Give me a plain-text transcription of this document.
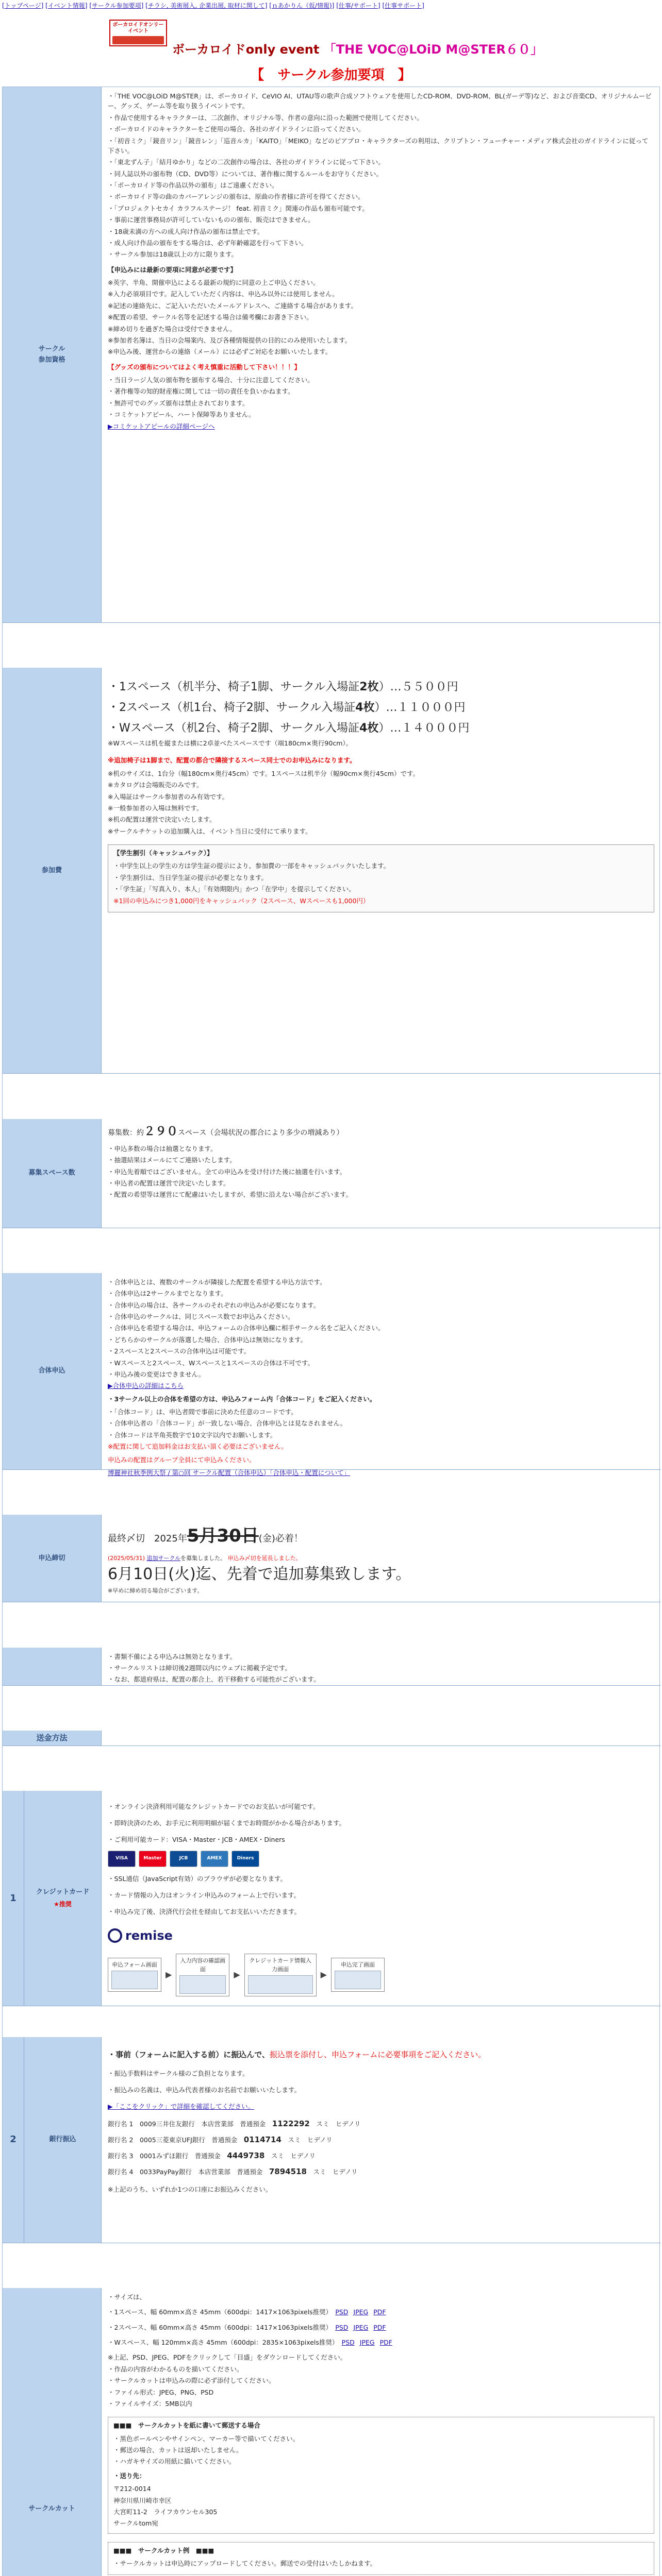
[トップページ] [イベント情報] [サークル参加要項] [チラシ, 美術展入, 企業出展, 取材に関して] [ｎあかりん（仮/情報)] [仕事/サポート] [仕事サポート]
ボーカロイドオンリー イベント
ボーカロイドonly event 「THE VOC@LOiD M@STER６０」
【　サークル参加要項　】
サークル
参加資格

・「THE VOC@LOiD M@STER」は、ボーカロイド、CeVIO AI、UTAU等の歌声合成ソフトウェアを使用したCD-ROM、DVD-ROM、BL(ガーデ等)など、および音楽CD、オリジナルムービー、グッズ、ゲーム等を取り扱うイベントです。

・作品で使用するキャラクターは、二次創作、オリジナル等、作者の意向に沿った範囲で使用してください。

・ボーカロイドのキャラクターをご使用の場合、各社のガイドラインに沿ってください。

・「初音ミク」「鏡音リン」「鏡音レン」「巡音ルカ」「KAITO」「MEIKO」などのピアプロ・キャラクターズの利用は、クリプトン・フューチャー・メディア株式会社のガイドラインに従って下さい。

・「東北ずん子」「結月ゆかり」などの二次創作の場合は、各社のガイドラインに従って下さい。

・同人誌以外の頒布物（CD、DVD等）については、著作権に関するルールをお守りください。

・「ボーカロイド等の作品以外の頒布」はご遠慮ください。

・ボーカロイド等の曲のカバーアレンジの頒布は、原曲の作者様に許可を得てください。

・「プロジェクトセカイ カラフルステージ！ feat. 初音ミク」関連の作品も頒布可能です。

・事前に運営事務局が許可していないものの頒布、販売はできません。

・18歳未満の方への成人向け作品の頒布は禁止です。

・成人向け作品の頒布をする場合は、必ず年齢確認を行って下さい。

・サークル参加は18歳以上の方に限ります。

【申込みには最新の要項に同意が必要です】

※英字、半角、開催申込によるる最新の規約に同意の上ご申込ください。

※入力必須項目です。記入していただく内容は、申込み以外には使用しません。

※記述の連絡先に、ご記入いただいたメールアドレスへ、ご連絡する場合があります。

※配置の希望、サークル名等を記述する場合は備考欄にお書き下さい。

※締め切りを過ぎた場合は受付できません。

※参加者名簿は、当日の会場案内、及び各種情報提供の目的にのみ使用いたします。

※申込み後、運営からの連絡（メール）には必ずご対応をお願いいたします。

【グッズの頒布についてはよく考え慎重に活動して下さい！！！】

・当日ラージ人気の頒布物を頒布する場合、十分に注意してください。

・著作権等の知的財産権に関しては一切の責任を負いかねます。

・無許可でのグッズ頒布は禁止されております。

・コミケットアピール、ハート保障等ありません。

▶コミケットアピールの詳細ページへ

参加費
・1スペース（机半分、椅子1脚、サークル入場証2枚）…５５００円
・2スペース（机1台、椅子2脚、サークル入場証4枚）…１１０００円
・Wスペース（机2台、椅子2脚、サークル入場証4枚）…１４０００円

※Wスペースは机を縦または横に2卓並べたスペースです（端180cm×奥行90cm）。

※追加椅子は1脚まで、配置の都合で隣接するスペース同士でのお申込みになります。

※机のサイズは、1台分（幅180cm×奥行45cm）です。1スペースは机半分（幅90cm×奥行45cm）です。

※カタログは会場販売のみです。

※入場証はサークル参加者のみ有効です。

※一般参加者の入場は無料です。

※机の配置は運営で決定いたします。

※サークルチケットの追加購入は、イベント当日に受付にて承ります。

【学生割引（キャッシュバック）】

・中学生以上の学生の方は学生証の提示により、参加費の一部をキャッシュバックいたします。

・学生割引は、当日学生証の提示が必要となります。

・「学生証」「写真入り、本人」「有効期限内」かつ「在学中」を提示してください。

※1回の申込みにつき1,000円をキャッシュバック（2スペース、Wスペースも1,000円）

募集スペース数

募集数：約２９０スペース（会場状況の都合により多少の増減あり）

・申込多数の場合は抽選となります。

・抽選結果はメールにてご連絡いたします。

・申込先着順ではございません。全ての申込みを受け付けた後に抽選を行います。

・申込者の配置は運営で決定いたします。

・配置の希望等は運営にて配慮はいたしますが、希望に沿えない場合がございます。

合体申込

・合体申込とは、複数のサークルが隣接した配置を希望する申込方法です。

・合体申込は2サークルまでとなります。

・合体申込の場合は、各サークルのそれぞれの申込みが必要になります。

・合体申込のサークルは、同じスペース数でお申込みください。

・合体申込を希望する場合は、申込フォームの合体申込欄に相手サークル名をご記入ください。

・どちらかのサークルが落選した場合、合体申込は無効になります。

・2スペースと2スペースの合体申込は可能です。

・Wスペースと2スペース、Wスペースと1スペースの合体は不可です。

・申込み後の変更はできません。

▶合体申込の詳細はこちら

・3サークル以上の合体を希望の方は、申込みフォーム内「合体コード」をご記入ください。

・「合体コード」は、申込者間で事前に決めた任意のコードです。

・合体申込者の「合体コード」が一致しない場合、合体申込とは見なされません。

・合体コードは半角英数字で10文字以内でお願いします。

※配置に関して追加料金はお支払い頂く必要はございません。

申込みの配置はグループ全員にて申込みください。

博麗神社秋季例大祭 / 第○回 サークル配置（合体申込）「合体申込・配置について」

申込締切
最終〆切　2025年5月30日(金)必着！

(2025/05/31) 追加サークルを募集しました。 申込み〆切を延長しました。

6月10日(火)迄、先着で追加募集致します。

※早めに締め切る場合がございます。

・書類不備による申込みは無効となります。

・サークルリストは締切後2週間以内にウェブに掲載予定です。

・なお、都道府県は、配置の都合上、若干移動する可能性がございます。

送金方法
1
クレジットカード
★推奨

・オンライン決済利用可能なクレジットカードでのお支払いが可能です。

・即時決済のため、お手元に利用明細が届くまでお時間がかかる場合があります。

・ご利用可能カード：VISA・Master・JCB・AMEX・Diners

VISA	Master	JCB	AMEX	Diners

・SSL通信（JavaScript有効）のブラウザが必要となります。

・カード情報の入力はオンライン申込みのフォーム上で行います。

・申込み完了後、決済代行会社を経由してお支払いいただきます。

remise
申込フォーム画面
▶
入力内容の確認画面
▶
クレジットカード情報入力画面
▶
申込完了画面
2	銀行振込

・事前（フォームに記入する前）に振込んで、振込票を添付し、申込フォームに必要事項をご記入ください。

・振込手数料はサークル様のご負担となります。

・振込みの名義は、申込み代表者様のお名前でお願いいたします。

▶「ここをクリック」で詳細を確認してください。

銀行名 1　0009三井住友銀行　本店営業部　普通預金　1122292　スミ　ヒデノリ
銀行名 2　0005三菱東京UFJ銀行　普通預金　0114714　スミ　ヒデノリ
銀行名 3　0001みずほ銀行　普通預金　4449738　スミ　ヒデノリ
銀行名 4　0033PayPay銀行　本店営業部　普通預金　7894518　スミ　ヒデノリ

※上記のうち、いずれか1つの口座にお振込みください。

サークルカット

・サイズは、

・1スペース、幅 60mm×高さ 45mm（600dpi：1417×1063pixels推奨）　PSD JPEG PDF

・2スペース、幅 60mm×高さ 45mm（600dpi：1417×1063pixels推奨）　PSD JPEG PDF

・Wスペース、幅 120mm×高さ 45mm（600dpi：2835×1063pixels推奨）　PSD JPEG PDF

※上記、PSD、JPEG、PDFをクリックして「目盛」をダウンロードしてください。

・作品の内容がわかるものを描いてください。

・サークルカットは申込みの際に必ず添付してください。

・ファイル形式：JPEG、PNG、PSD

・ファイルサイズ：5MB以内

■■■　サークルカットを紙に書いて郵送する場合

・黒色ボールペンやサインペン、マーカー等で描いてください。

・郵送の場合、カットは返却いたしません。

・ハガキサイズの用紙に描いてください。

・送り先：

〒212-0014

神奈川県川崎市幸区

大宮町11-2　ライフカウンセル305

サークルtom宛

■■■　サークルカット例　■■■

・サークルカットは申込時にアップロードしてください。郵送での受付はいたしかねます。
